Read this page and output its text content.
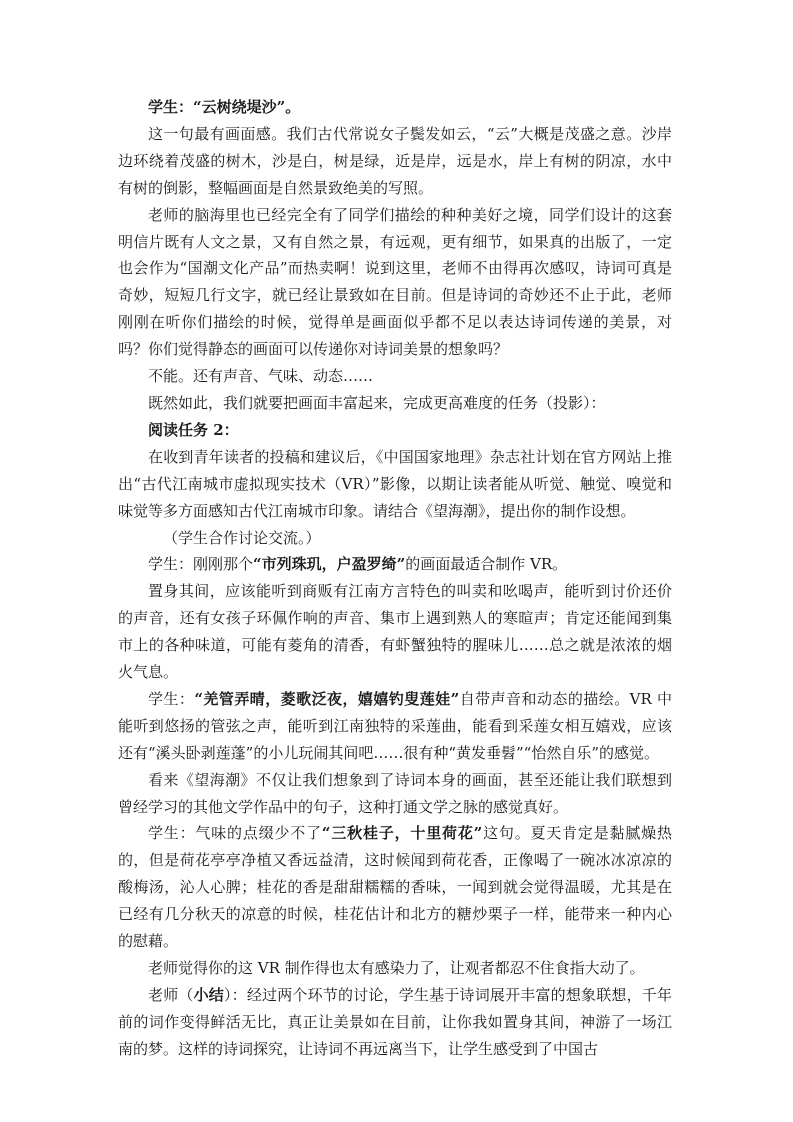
学生：“云树绕堤沙”。

这一句最有画面感。我们古代常说女子鬓发如云，“云”大概是茂盛之意。沙岸边环绕着茂盛的树木，沙是白，树是绿，近是岸，远是水，岸上有树的阴凉，水中有树的倒影，整幅画面是自然景致绝美的写照。

老师的脑海里也已经完全有了同学们描绘的种种美好之境，同学们设计的这套明信片既有人文之景，又有自然之景，有远观，更有细节，如果真的出版了，一定也会作为“国潮文化产品”而热卖啊！说到这里，老师不由得再次感叹，诗词可真是奇妙，短短几行文字，就已经让景致如在目前。但是诗词的奇妙还不止于此，老师刚刚在听你们描绘的时候，觉得单是画面似乎都不足以表达诗词传递的美景，对吗？你们觉得静态的画面可以传递你对诗词美景的想象吗？

不能。还有声音、气味、动态……

既然如此，我们就要把画面丰富起来，完成更高难度的任务（投影）：

阅读任务 2：

在收到青年读者的投稿和建议后，《中国国家地理》杂志社计划在官方网站上推出“古代江南城市虚拟现实技术（VR）”影像，以期让读者能从听觉、触觉、嗅觉和味觉等多方面感知古代江南城市印象。请结合《望海潮》，提出你的制作设想。

（学生合作讨论交流。）

学生：刚刚那个“市列珠玑，户盈罗绮”的画面最适合制作 VR。

置身其间，应该能听到商贩有江南方言特色的叫卖和吆喝声，能听到讨价还价的声音，还有女孩子环佩作响的声音、集市上遇到熟人的寒暄声；肯定还能闻到集市上的各种味道，可能有菱角的清香，有虾蟹独特的腥味儿……总之就是浓浓的烟火气息。

学生：“羌管弄晴，菱歌泛夜，嬉嬉钓叟莲娃”自带声音和动态的描绘。VR 中能听到悠扬的管弦之声，能听到江南独特的采莲曲，能看到采莲女相互嬉戏，应该还有“溪头卧剥莲蓬”的小儿玩闹其间吧……很有种“黄发垂髫”“怡然自乐”的感觉。

看来《望海潮》不仅让我们想象到了诗词本身的画面，甚至还能让我们联想到曾经学习的其他文学作品中的句子，这种打通文学之脉的感觉真好。

学生：气味的点缀少不了“三秋桂子，十里荷花”这句。夏天肯定是黏腻燥热的，但是荷花亭亭净植又香远益清，这时候闻到荷花香，正像喝了一碗冰冰凉凉的酸梅汤，沁人心脾；桂花的香是甜甜糯糯的香味，一闻到就会觉得温暖，尤其是在已经有几分秋天的凉意的时候，桂花估计和北方的糖炒栗子一样，能带来一种内心的慰藉。

老师觉得你的这 VR 制作得也太有感染力了，让观者都忍不住食指大动了。

老师（小结）：经过两个环节的讨论，学生基于诗词展开丰富的想象联想，千年前的词作变得鲜活无比，真正让美景如在目前，让你我如置身其间，神游了一场江南的梦。这样的诗词探究，让诗词不再远离当下，让学生感受到了中国古
